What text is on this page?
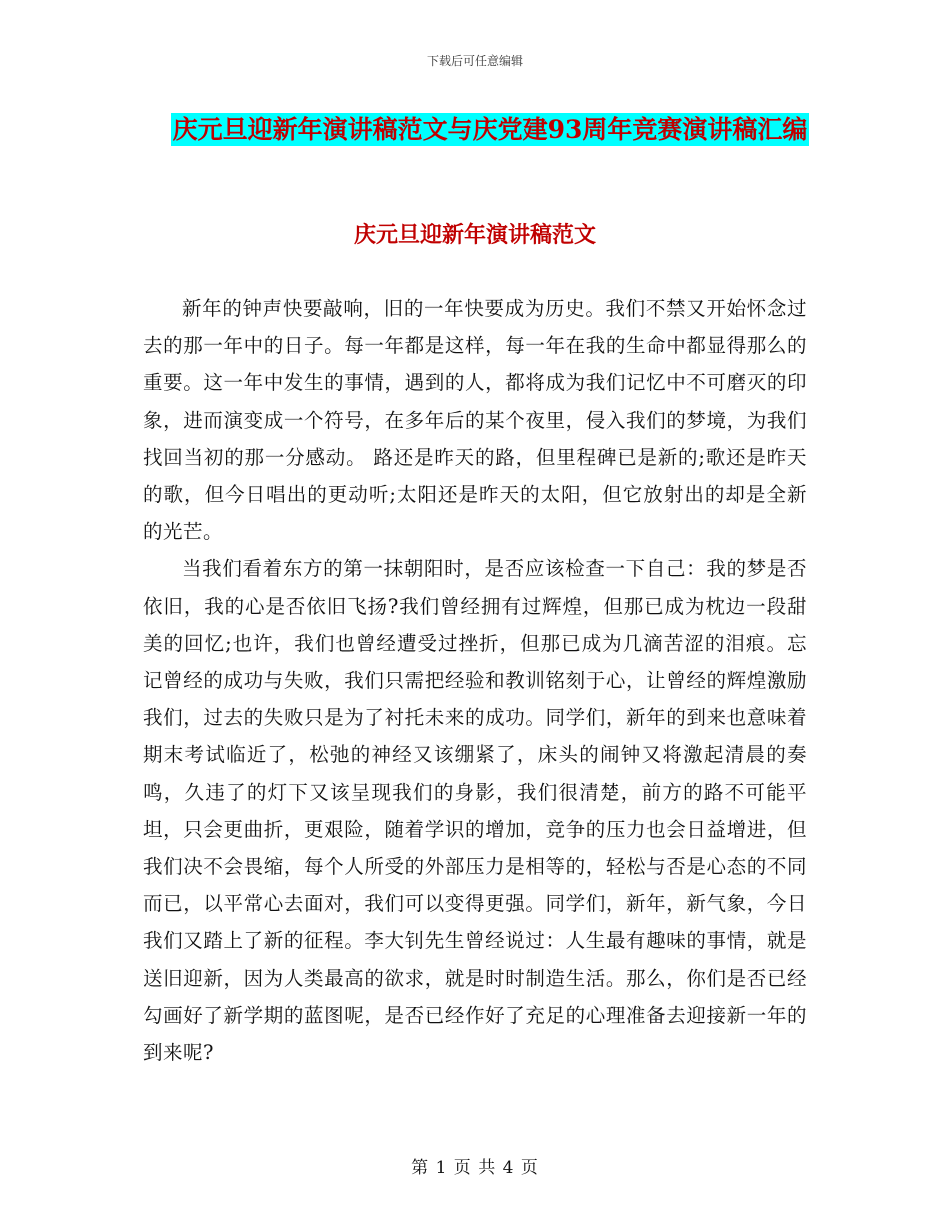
下载后可任意编辑
庆元旦迎新年演讲稿范文与庆党建93周年竞赛演讲稿汇编
庆元旦迎新年演讲稿范文

新年的钟声快要敲响，旧的一年快要成为历史。我们不禁又开始怀念过去的那一年中的日子。每一年都是这样，每一年在我的生命中都显得那么的重要。这一年中发生的事情，遇到的人，都将成为我们记忆中不可磨灭的印象，进而演变成一个符号，在多年后的某个夜里，侵入我们的梦境，为我们找回当初的那一分感动。 路还是昨天的路，但里程碑已是新的;歌还是昨天的歌，但今日唱出的更动听;太阳还是昨天的太阳，但它放射出的却是全新的光芒。

当我们看着东方的第一抹朝阳时，是否应该检查一下自己：我的梦是否依旧，我的心是否依旧飞扬?我们曾经拥有过辉煌，但那已成为枕边一段甜美的回忆;也许，我们也曾经遭受过挫折，但那已成为几滴苦涩的泪痕。忘记曾经的成功与失败，我们只需把经验和教训铭刻于心，让曾经的辉煌激励我们，过去的失败只是为了衬托未来的成功。同学们，新年的到来也意味着期末考试临近了，松弛的神经又该绷紧了，床头的闹钟又将激起清晨的奏鸣，久违了的灯下又该呈现我们的身影，我们很清楚，前方的路不可能平坦，只会更曲折，更艰险，随着学识的增加，竞争的压力也会日益增进，但我们决不会畏缩，每个人所受的外部压力是相等的，轻松与否是心态的不同而已，以平常心去面对，我们可以变得更强。同学们，新年，新气象，今日我们又踏上了新的征程。李大钊先生曾经说过：人生最有趣味的事情，就是送旧迎新，因为人类最高的欲求，就是时时制造生活。那么，你们是否已经勾画好了新学期的蓝图呢，是否已经作好了充足的心理准备去迎接新一年的到来呢?

第 1 页 共 4 页
